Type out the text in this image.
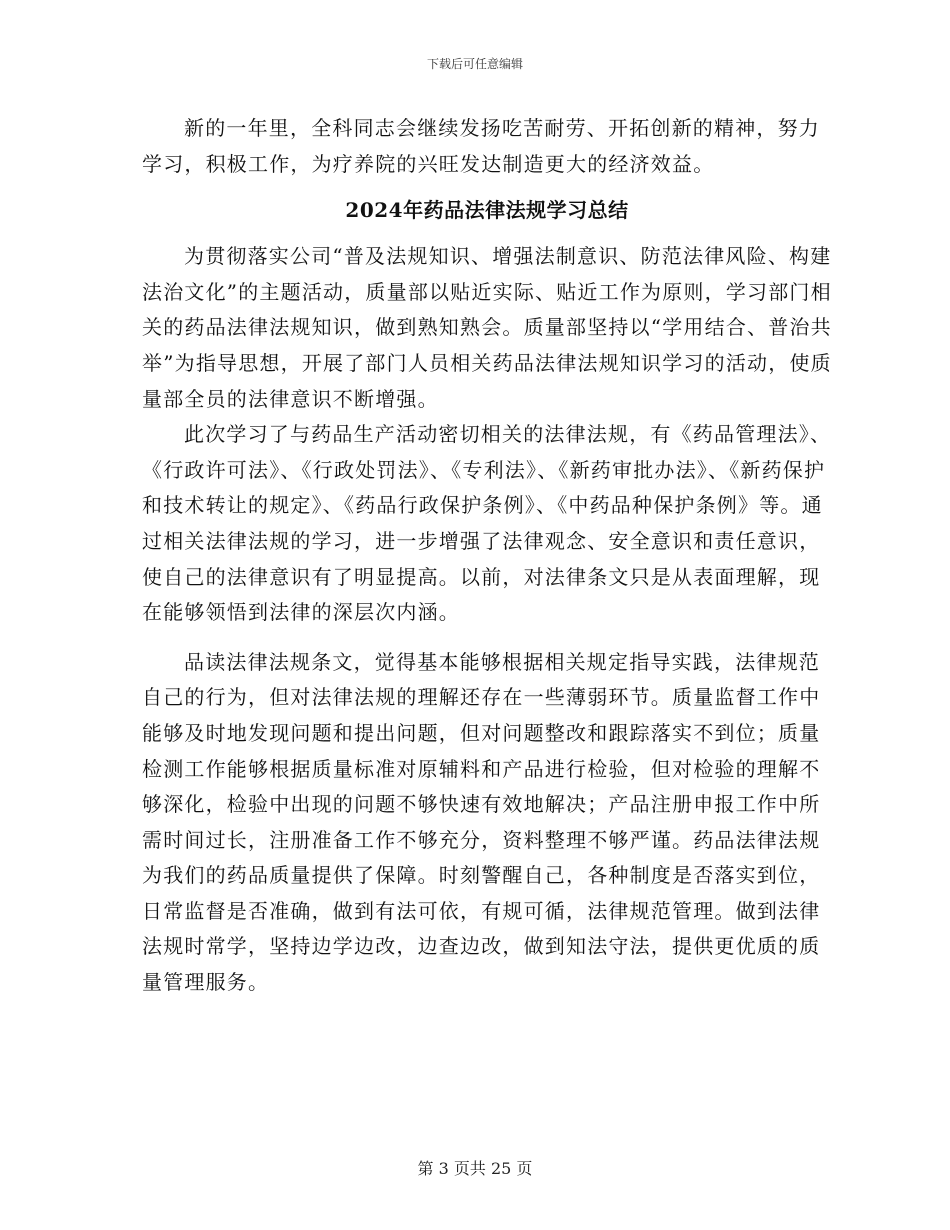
下载后可任意编辑

新的一年里，全科同志会继续发扬吃苦耐劳、开拓创新的精神，努力学习，积极工作，为疗养院的兴旺发达制造更大的经济效益。

2024年药品法律法规学习总结

为贯彻落实公司“普及法规知识、增强法制意识、防范法律风险、构建法治文化”的主题活动，质量部以贴近实际、贴近工作为原则，学习部门相关的药品法律法规知识，做到熟知熟会。质量部坚持以“学用结合、普治共举”为指导思想，开展了部门人员相关药品法律法规知识学习的活动，使质量部全员的法律意识不断增强。

此次学习了与药品生产活动密切相关的法律法规，有《药品管理法》、《行政许可法》、《行政处罚法》、《专利法》、《新药审批办法》、《新药保护和技术转让的规定》、《药品行政保护条例》、《中药品种保护条例》等。通过相关法律法规的学习，进一步增强了法律观念、安全意识和责任意识，使自己的法律意识有了明显提高。以前，对法律条文只是从表面理解，现在能够领悟到法律的深层次内涵。

品读法律法规条文，觉得基本能够根据相关规定指导实践，法律规范自己的行为，但对法律法规的理解还存在一些薄弱环节。质量监督工作中能够及时地发现问题和提出问题，但对问题整改和跟踪落实不到位；质量检测工作能够根据质量标准对原辅料和产品进行检验，但对检验的理解不够深化，检验中出现的问题不够快速有效地解决；产品注册申报工作中所需时间过长，注册准备工作不够充分，资料整理不够严谨。药品法律法规为我们的药品质量提供了保障。时刻警醒自己，各种制度是否落实到位，日常监督是否准确，做到有法可依，有规可循，法律规范管理。做到法律法规时常学，坚持边学边改，边查边改，做到知法守法，提供更优质的质量管理服务。

第 3 页共 25 页
